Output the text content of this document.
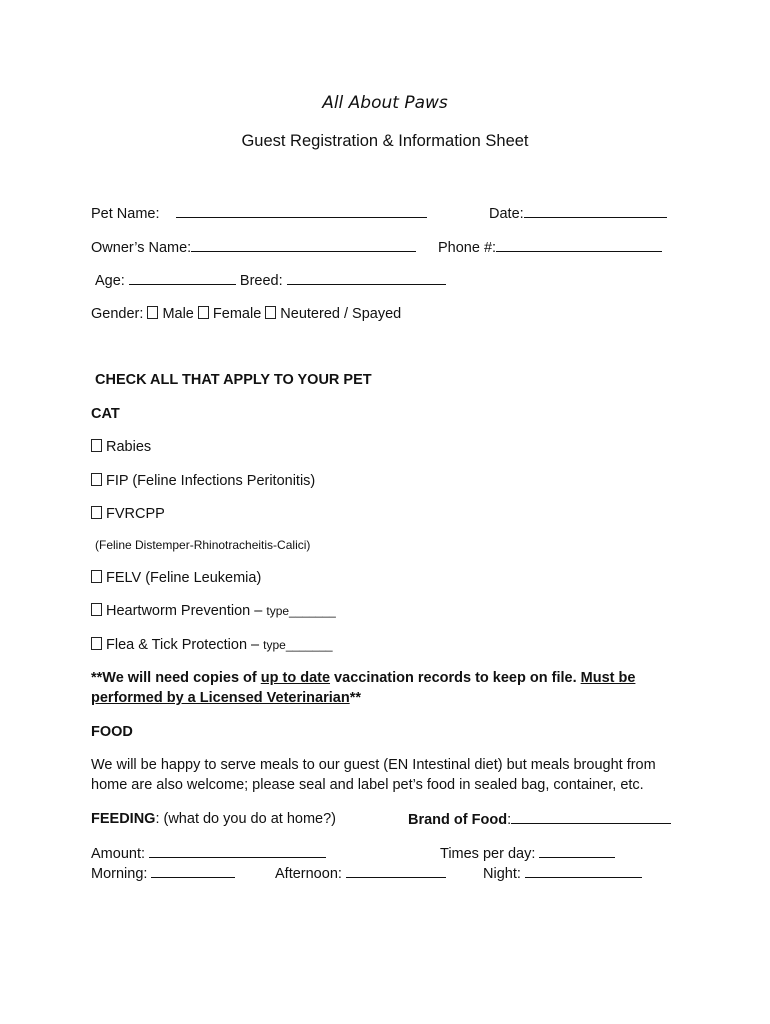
All About Paws
Guest Registration & Information Sheet
Pet Name:	Date:
Owner’s Name:	Phone #:
Age:	Breed:
Gender: Male Female Neutered / Spayed
CHECK ALL THAT APPLY TO YOUR PET
CAT
Rabies
FIP (Feline Infections Peritonitis)
FVRCPP
(Feline Distemper-Rhinotracheitis-Calici)
FELV (Feline Leukemia)
Heartworm Prevention – type_______
Flea & Tick Protection – type_______
**We will need copies of up to date vaccination records to keep on file. Must be
performed by a Licensed Veterinarian**
FOOD
We will be happy to serve meals to our guest (EN Intestinal diet) but meals brought from
home are also welcome; please seal and label pet’s food in sealed bag, container, etc.
FEEDING: (what do you do at home?)	Brand of Food:
Amount:	Times per day:
Morning:	Afternoon:	Night:
